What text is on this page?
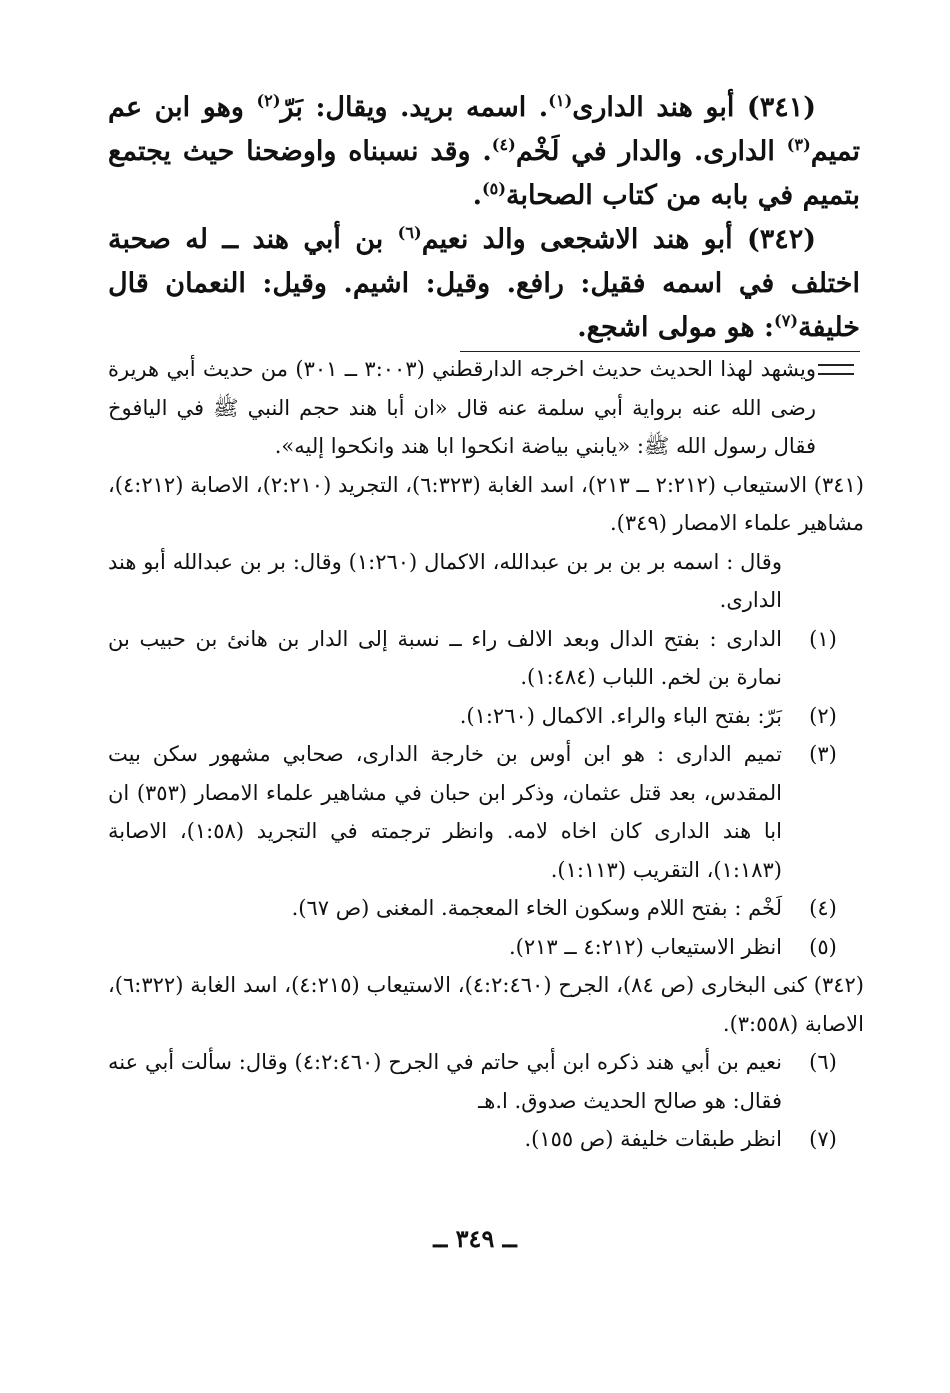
(٣٤١) أبو هند الدارى$^{(١)}$. اسمه بريد. ويقال: بَرّ$^{(٢)}$ وهو ابن عم تميم$^{(٣)}$ الدارى. والدار في لَخْم$^{(٤)}$. وقد نسبناه واوضحنا حيث يجتمع بتميم في بابه من كتاب الصحابة$^{(٥)}$.

(٣٤٢) أبو هند الاشجعى والد نعيم$^{(٦)}$ بن أبي هند ــ له صحبة اختلف في اسمه فقيل: رافع. وقيل: اشيم. وقيل: النعمان قال خليفة$^{(٧)}$: هو مولى اشجع.

ويشهد لهذا الحديث حديث اخرجه الدارقطني (٣:٠٠٣ ــ ٣٠١) من حديث أبي هريرة رضى الله عنه برواية أبي سلمة عنه قال «ان أبا هند حجم النبي ﷺ في اليافوخ فقال رسول الله ﷺ: «يابني بياضة انكحوا ابا هند وانكحوا إليه».

(٣٤١) الاستيعاب (٢:٢١٢ ــ ٢١٣)، اسد الغابة (٦:٣٢٣)، التجريد (٢:٢١٠)، الاصابة (٤:٢١٢)، مشاهير علماء الامصار (٣٤٩).

وقال : اسمه بر بن بر بن عبدالله، الاكمال (١:٢٦٠) وقال: بر بن عبدالله أبو هند الدارى.

(١)
الدارى : بفتح الدال وبعد الالف راء ــ نسبة إلى الدار بن هانئ بن حبيب بن نمارة بن لخم. اللباب (١:٤٨٤).
(٢)
بَرّ: بفتح الباء والراء. الاكمال (١:٢٦٠).
(٣)
تميم الدارى : هو ابن أوس بن خارجة الدارى، صحابي مشهور سكن بيت المقدس، بعد قتل عثمان، وذكر ابن حبان في مشاهير علماء الامصار (٣٥٣) ان ابا هند الدارى كان اخاه لامه. وانظر ترجمته في التجريد (١:٥٨)، الاصابة (١:١٨٣)، التقريب (١:١١٣).
(٤)
لَخْم : بفتح اللام وسكون الخاء المعجمة. المغنى (ص ٦٧).
(٥)
انظر الاستيعاب (٤:٢١٢ ــ ٢١٣).

(٣٤٢) كنى البخارى (ص ٨٤)، الجرح (٤:٢:٤٦٠)، الاستيعاب (٤:٢١٥)، اسد الغابة (٦:٣٢٢)، الاصابة (٣:٥٥٨).

(٦)
نعيم بن أبي هند ذكره ابن أبي حاتم في الجرح (٤:٢:٤٦٠) وقال: سألت أبي عنه فقال: هو صالح الحديث صدوق. ا.هـ
(٧)
انظر طبقات خليفة (ص ١٥٥).
ــ ٣٤٩ ــ
